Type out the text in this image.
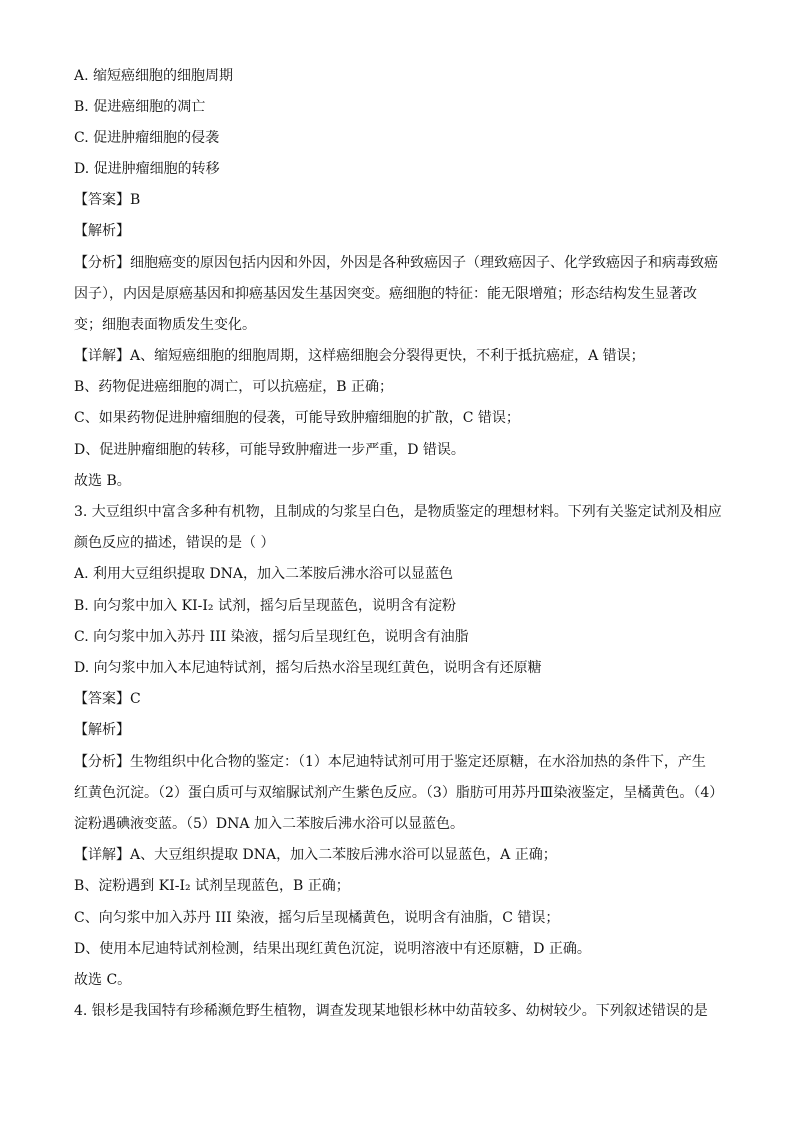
A. 缩短癌细胞的细胞周期
B. 促进癌细胞的凋亡
C. 促进肿瘤细胞的侵袭
D. 促进肿瘤细胞的转移
【答案】B
【解析】
【分析】细胞癌变的原因包括内因和外因，外因是各种致癌因子（理致癌因子、化学致癌因子和病毒致癌
因子），内因是原癌基因和抑癌基因发生基因突变。癌细胞的特征：能无限增殖；形态结构发生显著改
变；细胞表面物质发生变化。
【详解】A、缩短癌细胞的细胞周期，这样癌细胞会分裂得更快，不利于抵抗癌症，A 错误；
B、药物促进癌细胞的凋亡，可以抗癌症，B 正确；
C、如果药物促进肿瘤细胞的侵袭，可能导致肿瘤细胞的扩散，C 错误；
D、促进肿瘤细胞的转移，可能导致肿瘤进一步严重，D 错误。
故选 B。
3. 大豆组织中富含多种有机物，且制成的匀浆呈白色，是物质鉴定的理想材料。下列有关鉴定试剂及相应
颜色反应的描述，错误的是（ ）
A. 利用大豆组织提取 DNA，加入二苯胺后沸水浴可以显蓝色
B. 向匀浆中加入 KI-I₂ 试剂，摇匀后呈现蓝色，说明含有淀粉
C. 向匀浆中加入苏丹 III 染液，摇匀后呈现红色，说明含有油脂
D. 向匀浆中加入本尼迪特试剂，摇匀后热水浴呈现红黄色，说明含有还原糖
【答案】C
【解析】
【分析】生物组织中化合物的鉴定：（1）本尼迪特试剂可用于鉴定还原糖，在水浴加热的条件下，产生
红黄色沉淀。（2）蛋白质可与双缩脲试剂产生紫色反应。（3）脂肪可用苏丹Ⅲ染液鉴定，呈橘黄色。（4）
淀粉遇碘液变蓝。（5）DNA 加入二苯胺后沸水浴可以显蓝色。
【详解】A、大豆组织提取 DNA，加入二苯胺后沸水浴可以显蓝色，A 正确；
B、淀粉遇到 KI-I₂ 试剂呈现蓝色，B 正确；
C、向匀浆中加入苏丹 III 染液，摇匀后呈现橘黄色，说明含有油脂，C 错误；
D、使用本尼迪特试剂检测，结果出现红黄色沉淀，说明溶液中有还原糖，D 正确。
故选 C。
4. 银杉是我国特有珍稀濒危野生植物，调查发现某地银杉林中幼苗较多、幼树较少。下列叙述错误的是
